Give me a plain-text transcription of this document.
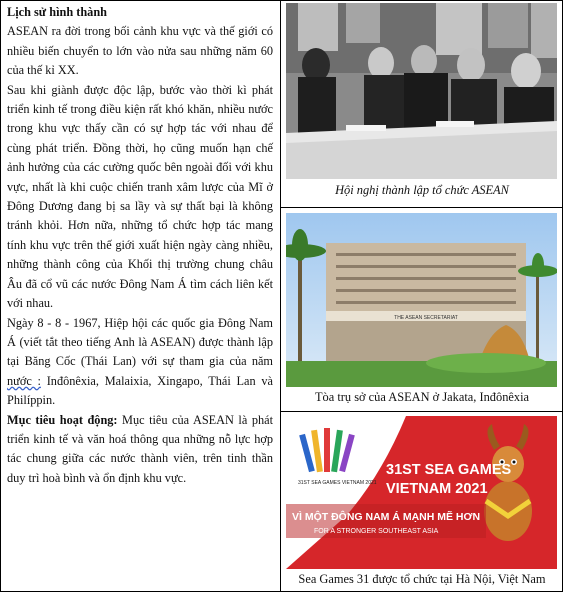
Lịch sử hình thành

ASEAN ra đời trong bối cảnh khu vực và thế giới có nhiều biến chuyển to lớn vào nửa sau những năm 60 của thế kỉ XX.

Sau khi giành được độc lập, bước vào thời kì phát triển kinh tế trong điều kiện rất khó khăn, nhiều nước trong khu vực thấy cần có sự hợp tác với nhau để cùng phát triển. Đồng thời, họ cũng muốn hạn chế ảnh hưởng của các cường quốc bên ngoài đối với khu vực, nhất là khi cuộc chiến tranh xâm lược của Mĩ ở Đông Dương đang bị sa lầy và sự thất bại là không tránh khỏi. Hơn nữa, những tổ chức hợp tác mang tính khu vực trên thế giới xuất hiện ngày càng nhiều, những thành công của Khối thị trường chung châu Âu đã cổ vũ các nước Đông Nam Á tìm cách liên kết với nhau.

Ngày 8 - 8 - 1967, Hiệp hội các quốc gia Đông Nam Á (viết tắt theo tiếng Anh là ASEAN) được thành lập tại Băng Cốc (Thái Lan) với sự tham gia của năm nước : Inđônêxia, Malaixia, Xingapo, Thái Lan và Philíppin.

Mục tiêu hoạt động: Mục tiêu của ASEAN là phát triển kinh tế và văn hoá thông qua những nỗ lực hợp tác chung giữa các nước thành viên, trên tinh thần duy trì hoà bình và ổn định khu vực.

Hội nghị thành lập tổ chức ASEAN
THE ASEAN SECRETARIAT
Tòa trụ sở của ASEAN ở Jakata, Inđônêxia
31ST SEA GAMES VIETNAM 2021
31ST SEA GAMES
VIETNAM 2021
VÌ MỘT ĐÔNG NAM Á MẠNH MẼ HƠN
FOR A STRONGER SOUTHEAST ASIA
Sea Games 31 được tổ chức tại Hà Nội, Việt Nam
